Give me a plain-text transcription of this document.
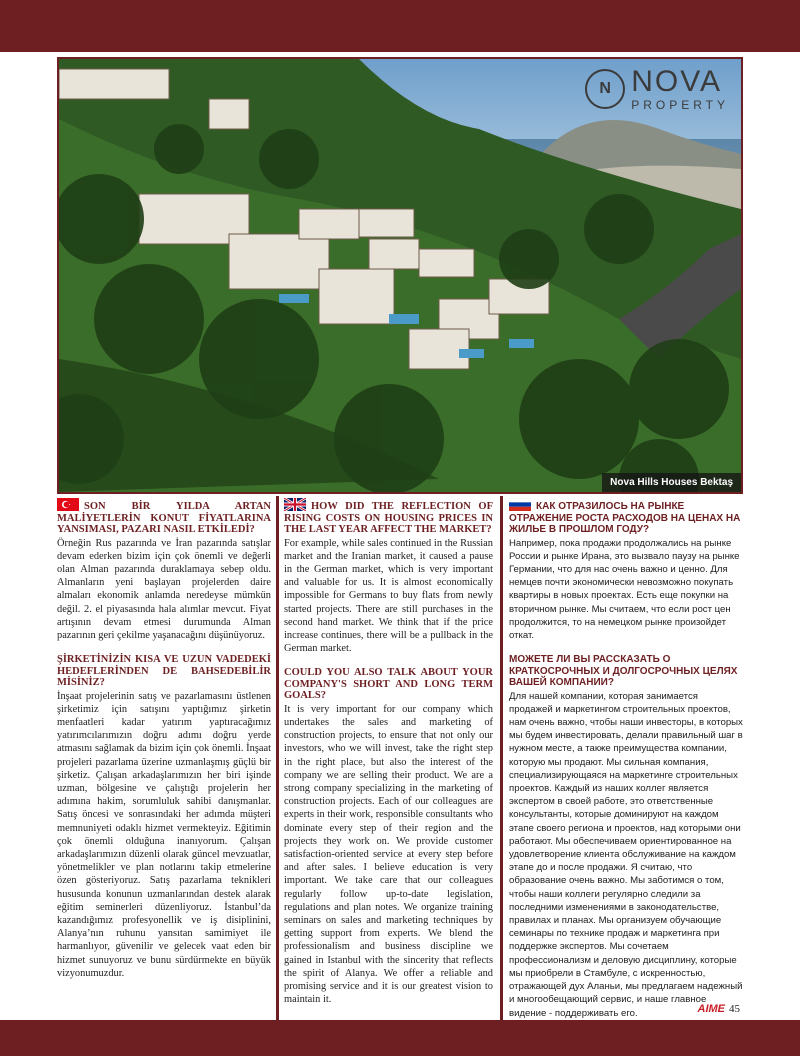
N NOVA
PROPERTY
Nova Hills Houses Bektaş
SON BİR YILDA ARTAN MALİYETLERİN KONUT FİYATLARINA YANSIMASI, PAZARI NASIL ETKİLEDİ?

Örneğin Rus pazarında ve İran pazarında satışlar devam ederken bizim için çok önemli ve değerli olan Alman pazarında duraklamaya sebep oldu. Almanların yeni başlayan projelerden daire almaları ekonomik anlamda neredeyse mümkün değil. 2. el piyasasında hala alımlar mevcut. Fiyat artışının devam etmesi durumunda Alman pazarının geri çekilme yaşanacağını düşünüyoruz.

ŞİRKETİNİZİN KISA VE UZUN VADEDEKİ HEDEFLERİNDEN DE BAHSEDEBİLİR MİSİNİZ?

İnşaat projelerinin satış ve pazarlamasını üstlenen şirketimiz için satışını yaptığımız şirketin menfaatleri kadar yatırım yaptıracağımız yatırımcılarımızın doğru adımı doğru yerde atmasını sağlamak da bizim için çok önemli. İnşaat projeleri pazarlama üzerine uzmanlaşmış güçlü bir şirketiz. Çalışan arkadaşlarımızın her biri işinde uzman, bölgesine ve çalıştığı projelerin her adımına hakim, sorumluluk sahibi danışmanlar. Satış öncesi ve sonrasındaki her adımda müşteri memnuniyeti odaklı hizmet vermekteyiz. Eğitimin çok önemli olduğuna inanıyorum. Çalışan arkadaşlarımızın düzenli olarak güncel mevzuatlar, yönetmelikler ve plan notlarını takip etmelerine özen gösteriyoruz. Satış pazarlama teknikleri hususunda konunun uzmanlarından destek alarak eğitim seminerleri düzenliyoruz. İstanbul’da kazandığımız profesyonellik ve iş disiplinini, Alanya’nın ruhunu yansıtan samimiyet ile harmanlıyor, güvenilir ve gelecek vaat eden bir hizmet sunuyoruz ve bunu sürdürmekte en büyük vizyonumuzdur.

HOW DID THE REFLECTION OF RISING COSTS ON HOUSING PRICES IN THE LAST YEAR AFFECT THE MARKET?

For example, while sales continued in the Russian market and the Iranian market, it caused a pause in the German market, which is very important and valuable for us. It is almost economically impossible for Germans to buy flats from newly started projects. There are still purchases in the second hand market. We think that if the price increase continues, there will be a pullback in the German market.

COULD YOU ALSO TALK ABOUT YOUR COMPANY'S SHORT AND LONG TERM GOALS?

It is very important for our company which undertakes the sales and marketing of construction projects, to ensure that not only our investors, who we will invest, take the right step in the right place, but also the interest of the company we are selling their product. We are a strong company specializing in the marketing of construction projects. Each of our colleagues are experts in their work, responsible consultants who dominate every step of their region and the projects they work on. We provide customer satisfaction-oriented service at every step before and after sales. I believe education is very important. We take care that our colleagues regularly follow up-to-date legislation, regulations and plan notes. We organize training seminars on sales and marketing techniques by getting support from experts. We blend the professionalism and business discipline we gained in Istanbul with the sincerity that reflects the spirit of Alanya. We offer a reliable and promising service and it is our greatest vision to maintain it.

КАК ОТРАЗИЛОСЬ НА РЫНКЕ ОТРАЖЕНИЕ РОСТА РАСХОДОВ НА ЦЕНАХ НА ЖИЛЬЕ В ПРОШЛОМ ГОДУ?

Например, пока продажи продолжались на рынке России и рынке Ирана, это вызвало паузу на рынке Германии, что для нас очень важно и ценно. Для немцев почти экономически невозможно покупать квартиры в новых проектах. Есть еще покупки на вторичном рынке. Мы считаем, что если рост цен продолжится, то на немецком рынке произойдет откат.

МОЖЕТЕ ЛИ ВЫ РАССКАЗАТЬ О КРАТКОСРОЧНЫХ И ДОЛГОСРОЧНЫХ ЦЕЛЯХ ВАШЕЙ КОМПАНИИ?

Для нашей компании, которая занимается продажей и маркетингом строительных проектов, нам очень важно, чтобы наши инвесторы, в которых мы будем инвестировать, делали правильный шаг в нужном месте, а также преимущества компании, которую мы продают. Мы сильная компания, специализирующаяся на маркетинге строительных проектов. Каждый из наших коллег является экспертом в своей работе, это ответственные консультанты, которые доминируют на каждом этапе своего региона и проектов, над которыми они работают. Мы обеспечиваем ориентированное на удовлетворение клиента обслуживание на каждом этапе до и после продажи. Я считаю, что образование очень важно. Мы заботимся о том, чтобы наши коллеги регулярно следили за последними изменениями в законодательстве, правилах и планах. Мы организуем обучающие семинары по технике продаж и маркетинга при поддержке экспертов. Мы сочетаем профессионализм и деловую дисциплину, которые мы приобрели в Стамбуле, с искренностью, отражающей дух Аланьи, мы предлагаем надежный и многообещающий сервис, и наше главное видение - поддерживать его.	AIME 45
